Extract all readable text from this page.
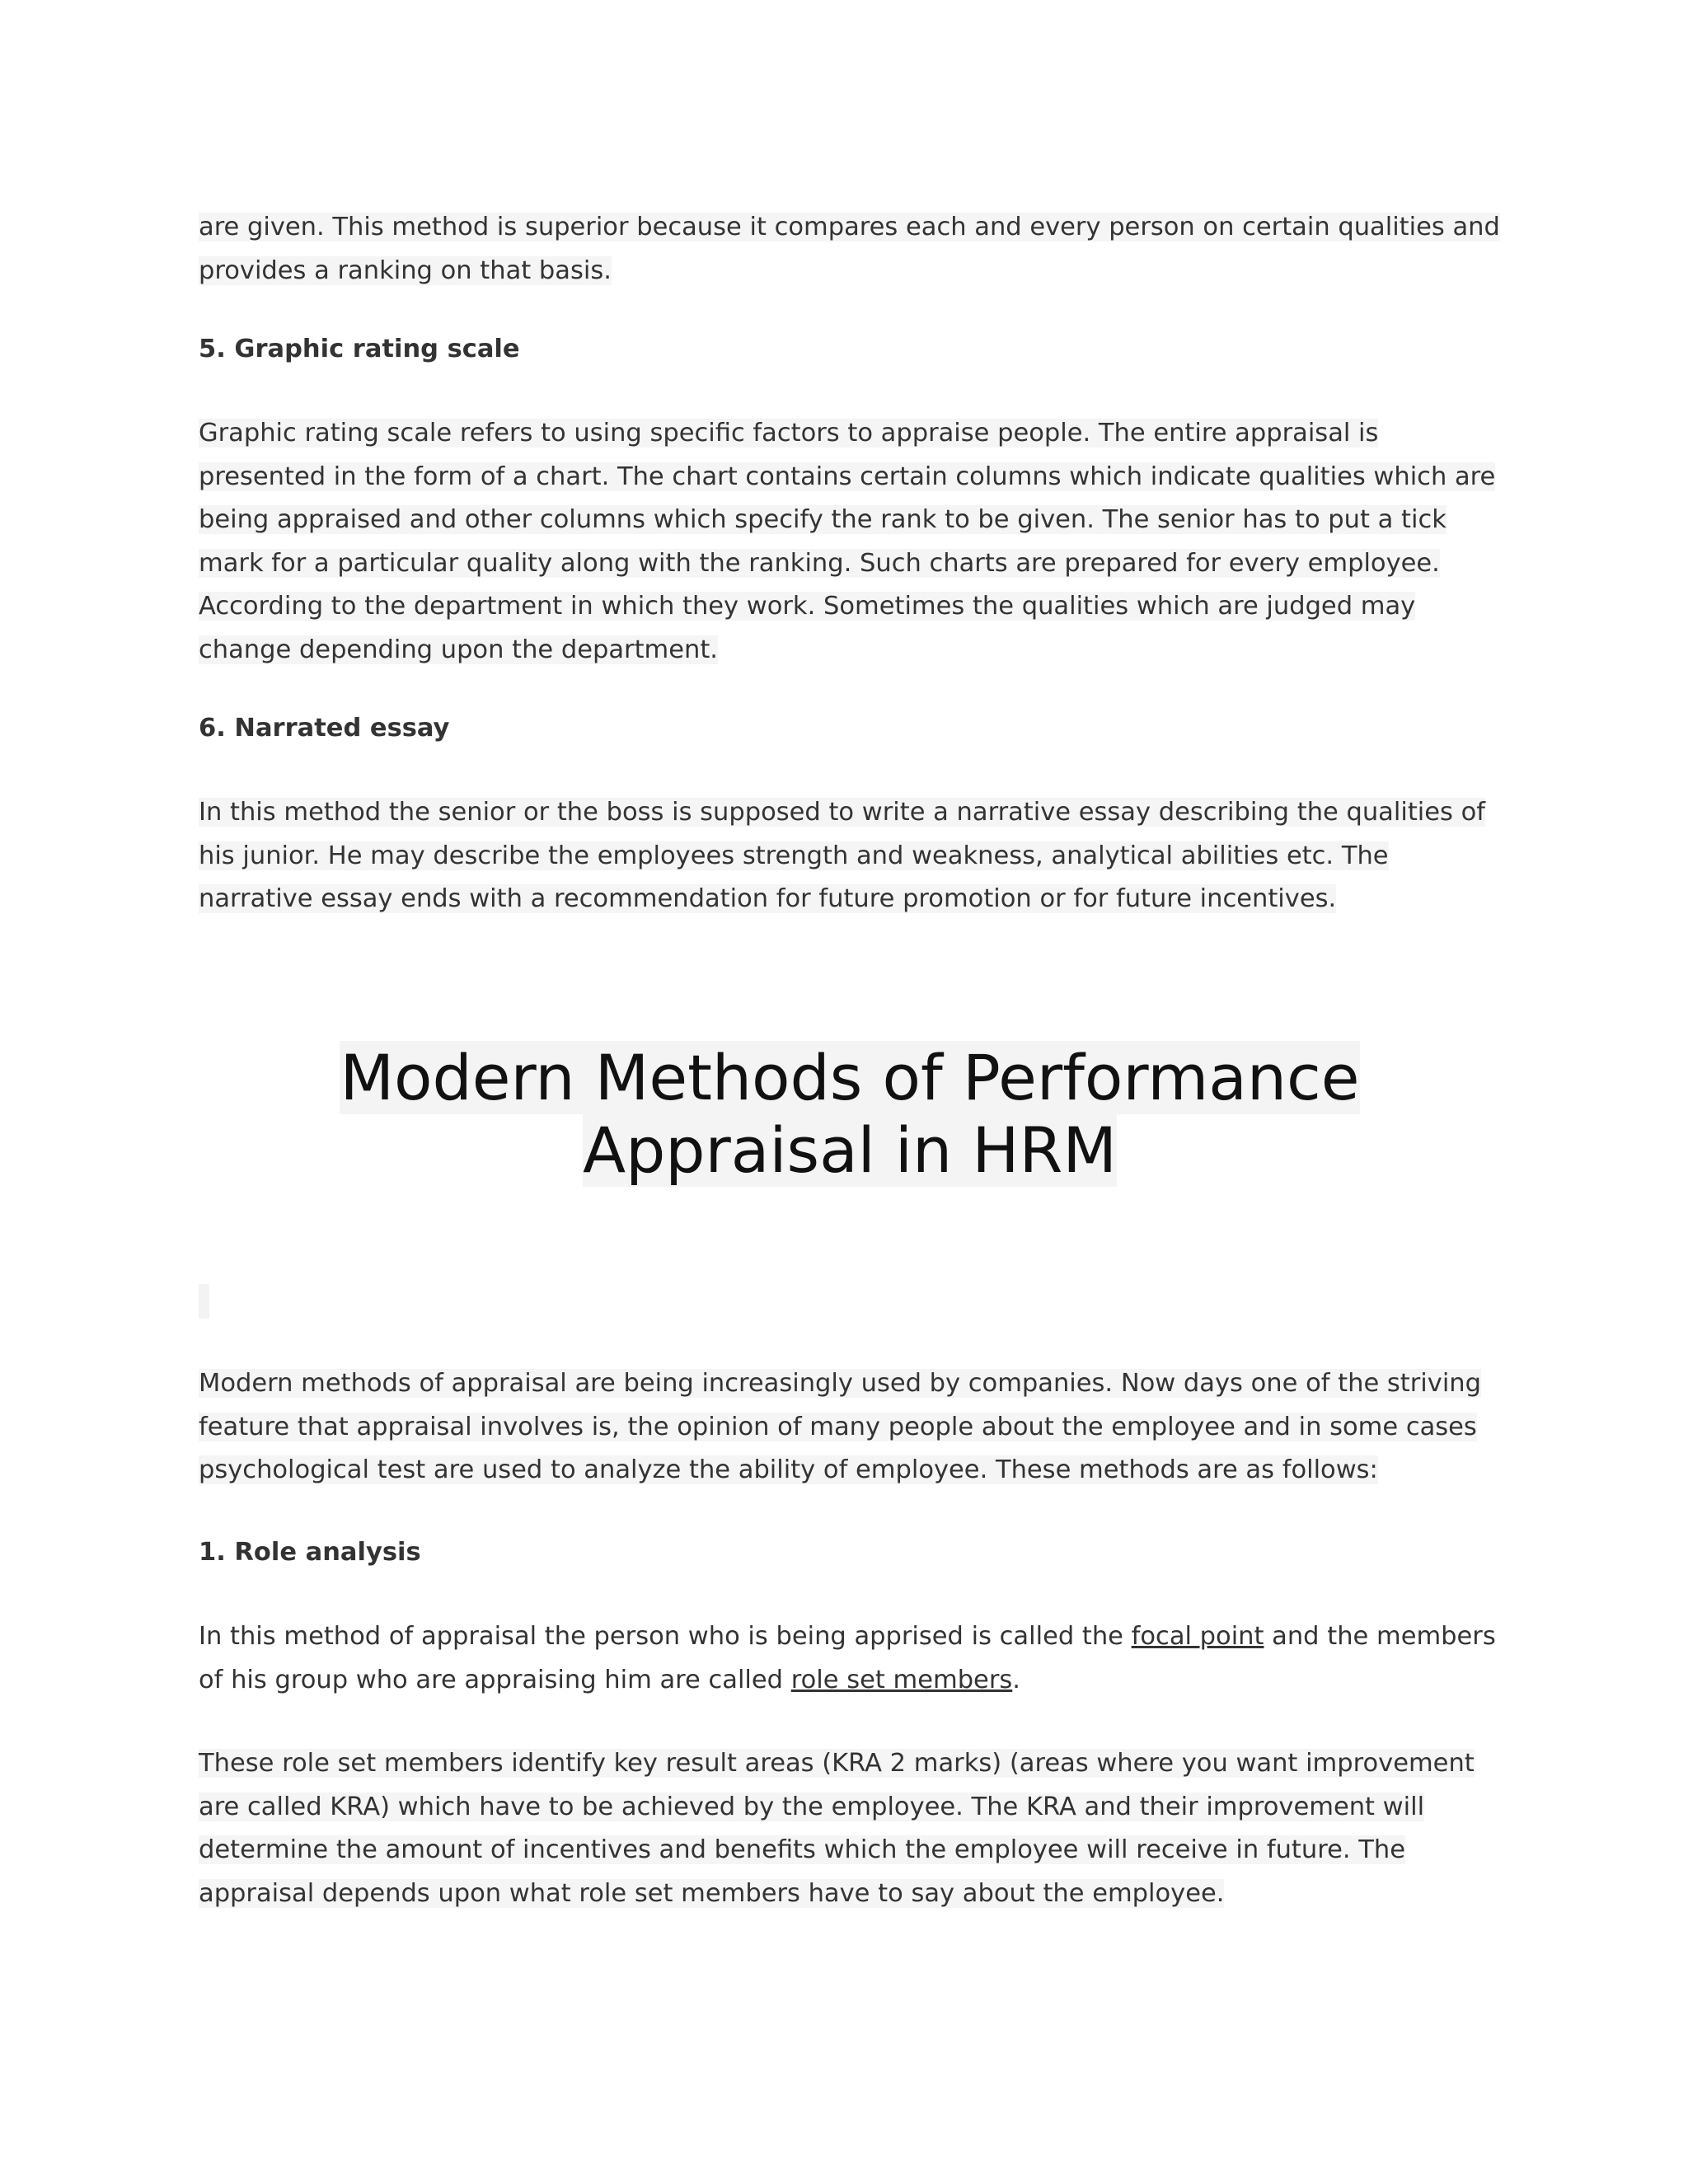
are given. This method is superior because it compares each and every person on certain qualities and provides a ranking on that basis.

5. Graphic rating scale

Graphic rating scale refers to using specific factors to appraise people. The entire appraisal is presented in the form of a chart. The chart contains certain columns which indicate qualities which are being appraised and other columns which specify the rank to be given. The senior has to put a tick mark for a particular quality along with the ranking. Such charts are prepared for every employee. According to the department in which they work. Sometimes the qualities which are judged may change depending upon the department.

6. Narrated essay

In this method the senior or the boss is supposed to write a narrative essay describing the qualities of his junior. He may describe the employees strength and weakness, analytical abilities etc. The narrative essay ends with a recommendation for future promotion or for future incentives.

Modern Methods of Performance Appraisal in HRM

Modern methods of appraisal are being increasingly used by companies. Now days one of the striving feature that appraisal involves is, the opinion of many people about the employee and in some cases psychological test are used to analyze the ability of employee. These methods are as follows:

1. Role analysis

In this method of appraisal the person who is being apprised is called the focal point and the members of his group who are appraising him are called role set members.

These role set members identify key result areas (KRA 2 marks) (areas where you want improvement are called KRA) which have to be achieved by the employee. The KRA and their improvement will determine the amount of incentives and benefits which the employee will receive in future. The appraisal depends upon what role set members have to say about the employee.
